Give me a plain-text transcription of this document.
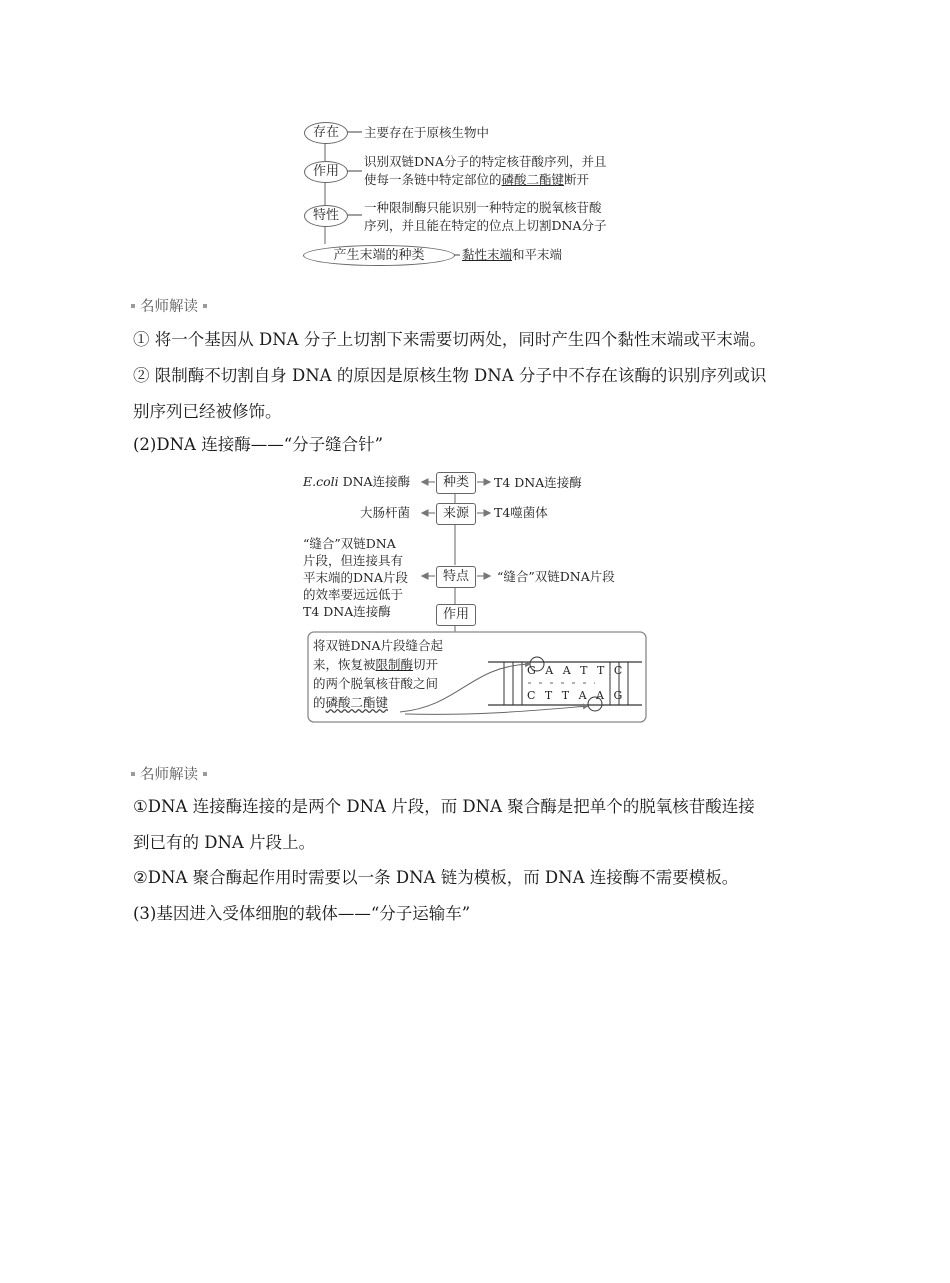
存在
作用
特性
产生末端的种类
主要存在于原核生物中
识别双链DNA分子的特定核苷酸序列，并且
使每一条链中特定部位的磷酸二酯键断开
一种限制酶只能识别一种特定的脱氧核苷酸
序列，并且能在特定的位点上切割DNA分子
黏性末端和平末端
名师解读
① 将一个基因从 DNA 分子上切割下来需要切两处，同时产生四个黏性末端或平末端。
② 限制酶不切割自身 DNA 的原因是原核生物 DNA 分子中不存在该酶的识别序列或识
别序列已经被修饰。
(2)DNA 连接酶——“分子缝合针”
种类
来源
特点
作用
E.coli DNA连接酶
大肠杆菌
“缝合”双链DNA
片段，但连接具有
平末端的DNA片段
的效率要远远低于
T4 DNA连接酶
T4 DNA连接酶
T4噬菌体
“缝合”双链DNA片段
将双链DNA片段缝合起
来，恢复被限制酶切开
的两个脱氧核苷酸之间
的磷酸二酯键
G A A T T C
C T T A A G
名师解读
①DNA 连接酶连接的是两个 DNA 片段，而 DNA 聚合酶是把单个的脱氧核苷酸连接
到已有的 DNA 片段上。
②DNA 聚合酶起作用时需要以一条 DNA 链为模板，而 DNA 连接酶不需要模板。
(3)基因进入受体细胞的载体——“分子运输车”
